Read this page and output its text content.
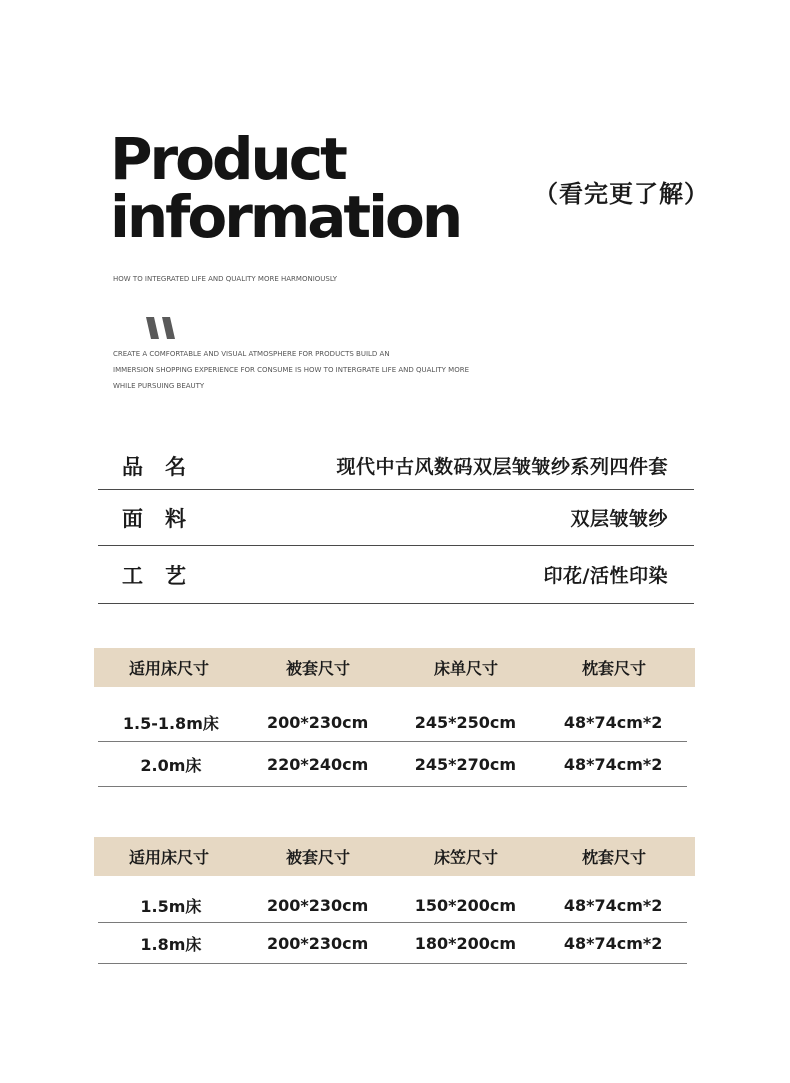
Product
information	（看完更了解）
HOW TO INTEGRATED LIFE AND QUALITY MORE HARMONIOUSLY
CREATE A COMFORTABLE AND VISUAL ATMOSPHERE FOR PRODUCTS BUILD AN
IMMERSION SHOPPING EXPERIENCE FOR CONSUME IS HOW TO INTERGRATE LIFE AND QUALITY MORE
WHILE PURSUING BEAUTY
品名	现代中古风数码双层皱皱纱系列四件套
面料	双层皱皱纱
工艺	印花/活性印染
适用床尺寸	被套尺寸	床单尺寸	枕套尺寸
1.5-1.8m床	200*230cm	245*250cm	48*74cm*2
2.0m床	220*240cm	245*270cm	48*74cm*2
适用床尺寸	被套尺寸	床笠尺寸	枕套尺寸
1.5m床	200*230cm	150*200cm	48*74cm*2
1.8m床	200*230cm	180*200cm	48*74cm*2
